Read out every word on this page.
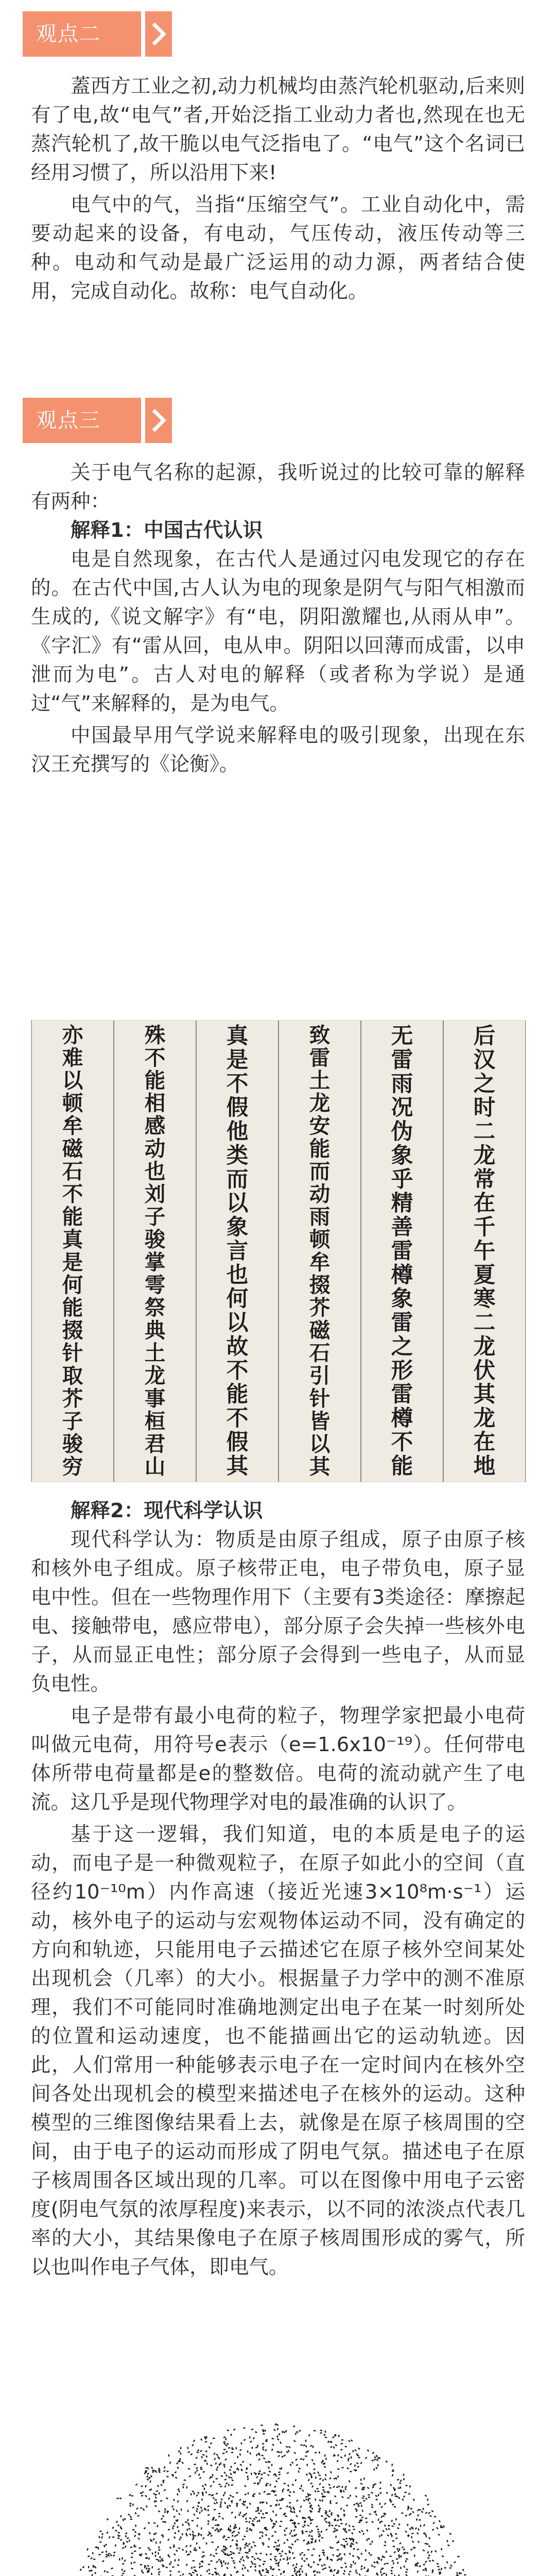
观点二

蓋西方工业之初,动力机械均由蒸汽轮机驱动,后来则有了电,故“电气”者,开始泛指工业动力者也,然现在也无蒸汽轮机了,故干脆以电气泛指电了。“电气”这个名词已经用习惯了，所以沿用下来!

电气中的气，当指“压缩空气”。工业自动化中，需要动起来的设备，有电动，气压传动，液压传动等三种。电动和气动是最广泛运用的动力源，两者结合使用，完成自动化。故称：电气自动化。

观点三

关于电气名称的起源，我听说过的比较可靠的解释有两种：

解释1：中国古代认识

电是自然现象，在古代人是通过闪电发现它的存在的。在古代中国,古人认为电的现象是阴气与阳气相激而生成的,《说文解字》有“电，阴阳激耀也,从雨从申”。《字汇》有“雷从回，电从申。阴阳以回薄而成雷，以申泄而为电”。古人对电的解释（或者称为学说）是通过“气”来解释的，是为电气。

中国最早用气学说来解释电的吸引现象，出现在东汉王充撰写的《论衡》。

后汉之时二龙常在千午夏寒二龙伏其龙在地
无雷雨况伪象乎精善雷樽象雷之形雷樽不能
致雷土龙安能而动雨顿牟掇芥磁石引针皆以其
真是不假他类而以象言也何以故不能不假其
殊不能相感动也刘子骏掌雩祭典土龙事桓君山
亦难以顿牟磁石不能真是何能掇针取芥子骏穷

解释2：现代科学认识

现代科学认为：物质是由原子组成，原子由原子核和核外电子组成。原子核带正电，电子带负电，原子显电中性。但在一些物理作用下（主要有3类途径：摩擦起电、接触带电，感应带电），部分原子会失掉一些核外电子，从而显正电性；部分原子会得到一些电子，从而显负电性。

电子是带有最小电荷的粒子，物理学家把最小电荷叫做元电荷，用符号e表示（e=1.6x10⁻¹⁹）。任何带电体所带电荷量都是e的整数倍。电荷的流动就产生了电流。这几乎是现代物理学对电的最准确的认识了。

基于这一逻辑，我们知道，电的本质是电子的运动，而电子是一种微观粒子，在原子如此小的空间（直径约10⁻¹⁰m）内作高速（接近光速3×10⁸m·s⁻¹）运动，核外电子的运动与宏观物体运动不同，没有确定的方向和轨迹，只能用电子云描述它在原子核外空间某处出现机会（几率）的大小。根据量子力学中的测不准原理，我们不可能同时准确地测定出电子在某一时刻所处的位置和运动速度，也不能描画出它的运动轨迹。因此，人们常用一种能够表示电子在一定时间内在核外空间各处出现机会的模型来描述电子在核外的运动。这种模型的三维图像结果看上去，就像是在原子核周围的空间，由于电子的运动而形成了阴电气氛。描述电子在原子核周围各区域出现的几率。可以在图像中用电子云密度(阴电气氛的浓厚程度)来表示，以不同的浓淡点代表几率的大小，其结果像电子在原子核周围形成的雾气，所以也叫作电子气体，即电气。
